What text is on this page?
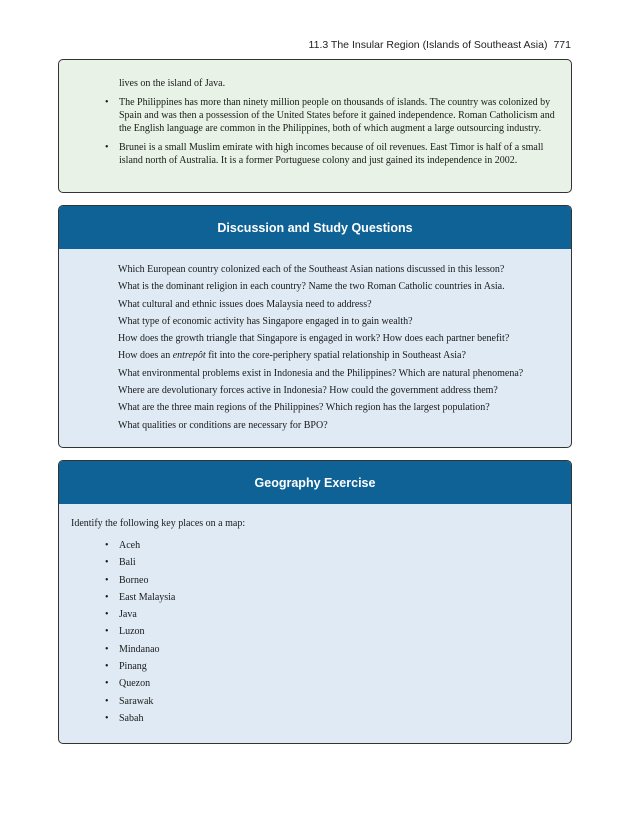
11.3 The Insular Region (Islands of Southeast Asia) 771
lives on the island of Java.
• The Philippines has more than ninety million people on thousands of islands. The country was colonized by Spain and was then a possession of the United States before it gained independence. Roman Catholicism and the English language are common in the Philippines, both of which augment a large outsourcing industry.
• Brunei is a small Muslim emirate with high incomes because of oil revenues. East Timor is half of a small island north of Australia. It is a former Portuguese colony and just gained its independence in 2002.
Discussion and Study Questions
Which European country colonized each of the Southeast Asian nations discussed in this lesson?
What is the dominant religion in each country? Name the two Roman Catholic countries in Asia.
What cultural and ethnic issues does Malaysia need to address?
What type of economic activity has Singapore engaged in to gain wealth?
How does the growth triangle that Singapore is engaged in work? How does each partner benefit?
How does an entrepôt fit into the core-periphery spatial relationship in Southeast Asia?
What environmental problems exist in Indonesia and the Philippines? Which are natural phenomena?
Where are devolutionary forces active in Indonesia? How could the government address them?
What are the three main regions of the Philippines? Which region has the largest population?
What qualities or conditions are necessary for BPO?
Geography Exercise
Identify the following key places on a map:
• Aceh
• Bali
• Borneo
• East Malaysia
• Java
• Luzon
• Mindanao
• Pinang
• Quezon
• Sarawak
• Sabah
